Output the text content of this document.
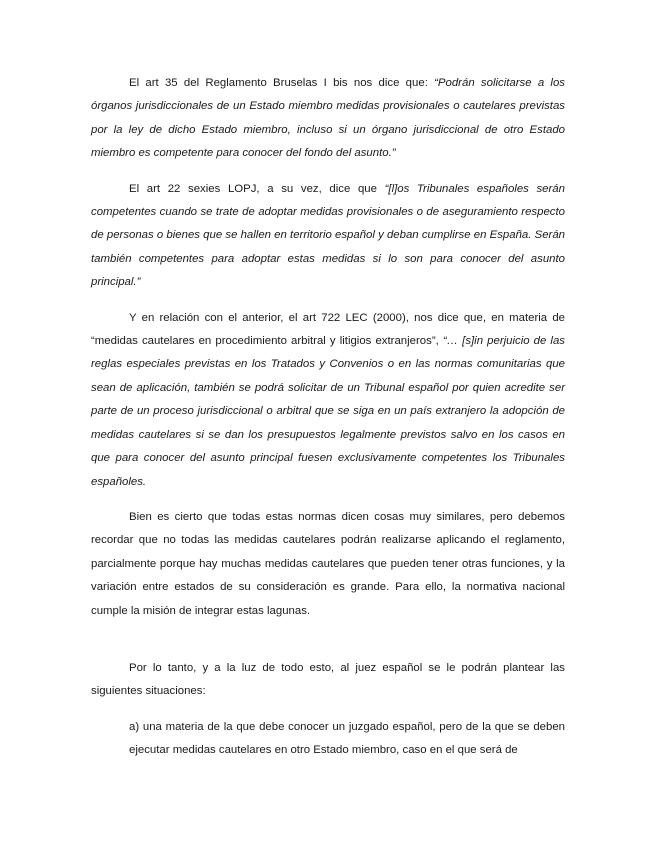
El art 35 del Reglamento Bruselas I bis nos dice que: “Podrán solicitarse a los órganos jurisdiccionales de un Estado miembro medidas provisionales o cautelares previstas por la ley de dicho Estado miembro, incluso si un órgano jurisdiccional de otro Estado miembro es competente para conocer del fondo del asunto.”

El art 22 sexies LOPJ, a su vez, dice que “[l]os Tribunales españoles serán competentes cuando se trate de adoptar medidas provisionales o de aseguramiento respecto de personas o bienes que se hallen en territorio español y deban cumplirse en España. Serán también competentes para adoptar estas medidas si lo son para conocer del asunto principal.”

Y en relación con el anterior, el art 722 LEC (2000), nos dice que, en materia de “medidas cautelares en procedimiento arbitral y litigios extranjeros”, “… [s]in perjuicio de las reglas especiales previstas en los Tratados y Convenios o en las normas comunitarias que sean de aplicación, también se podrá solicitar de un Tribunal español por quien acredite ser parte de un proceso jurisdiccional o arbitral que se siga en un país extranjero la adopción de medidas cautelares si se dan los presupuestos legalmente previstos salvo en los casos en que para conocer del asunto principal fuesen exclusivamente competentes los Tribunales españoles.

Bien es cierto que todas estas normas dicen cosas muy similares, pero debemos recordar que no todas las medidas cautelares podrán realizarse aplicando el reglamento, parcialmente porque hay muchas medidas cautelares que pueden tener otras funciones, y la variación entre estados de su consideración es grande. Para ello, la normativa nacional cumple la misión de integrar estas lagunas.

Por lo tanto, y a la luz de todo esto, al juez español se le podrán plantear las siguientes situaciones:

a) una materia de la que debe conocer un juzgado español, pero de la que se deben ejecutar medidas cautelares en otro Estado miembro, caso en el que será de
